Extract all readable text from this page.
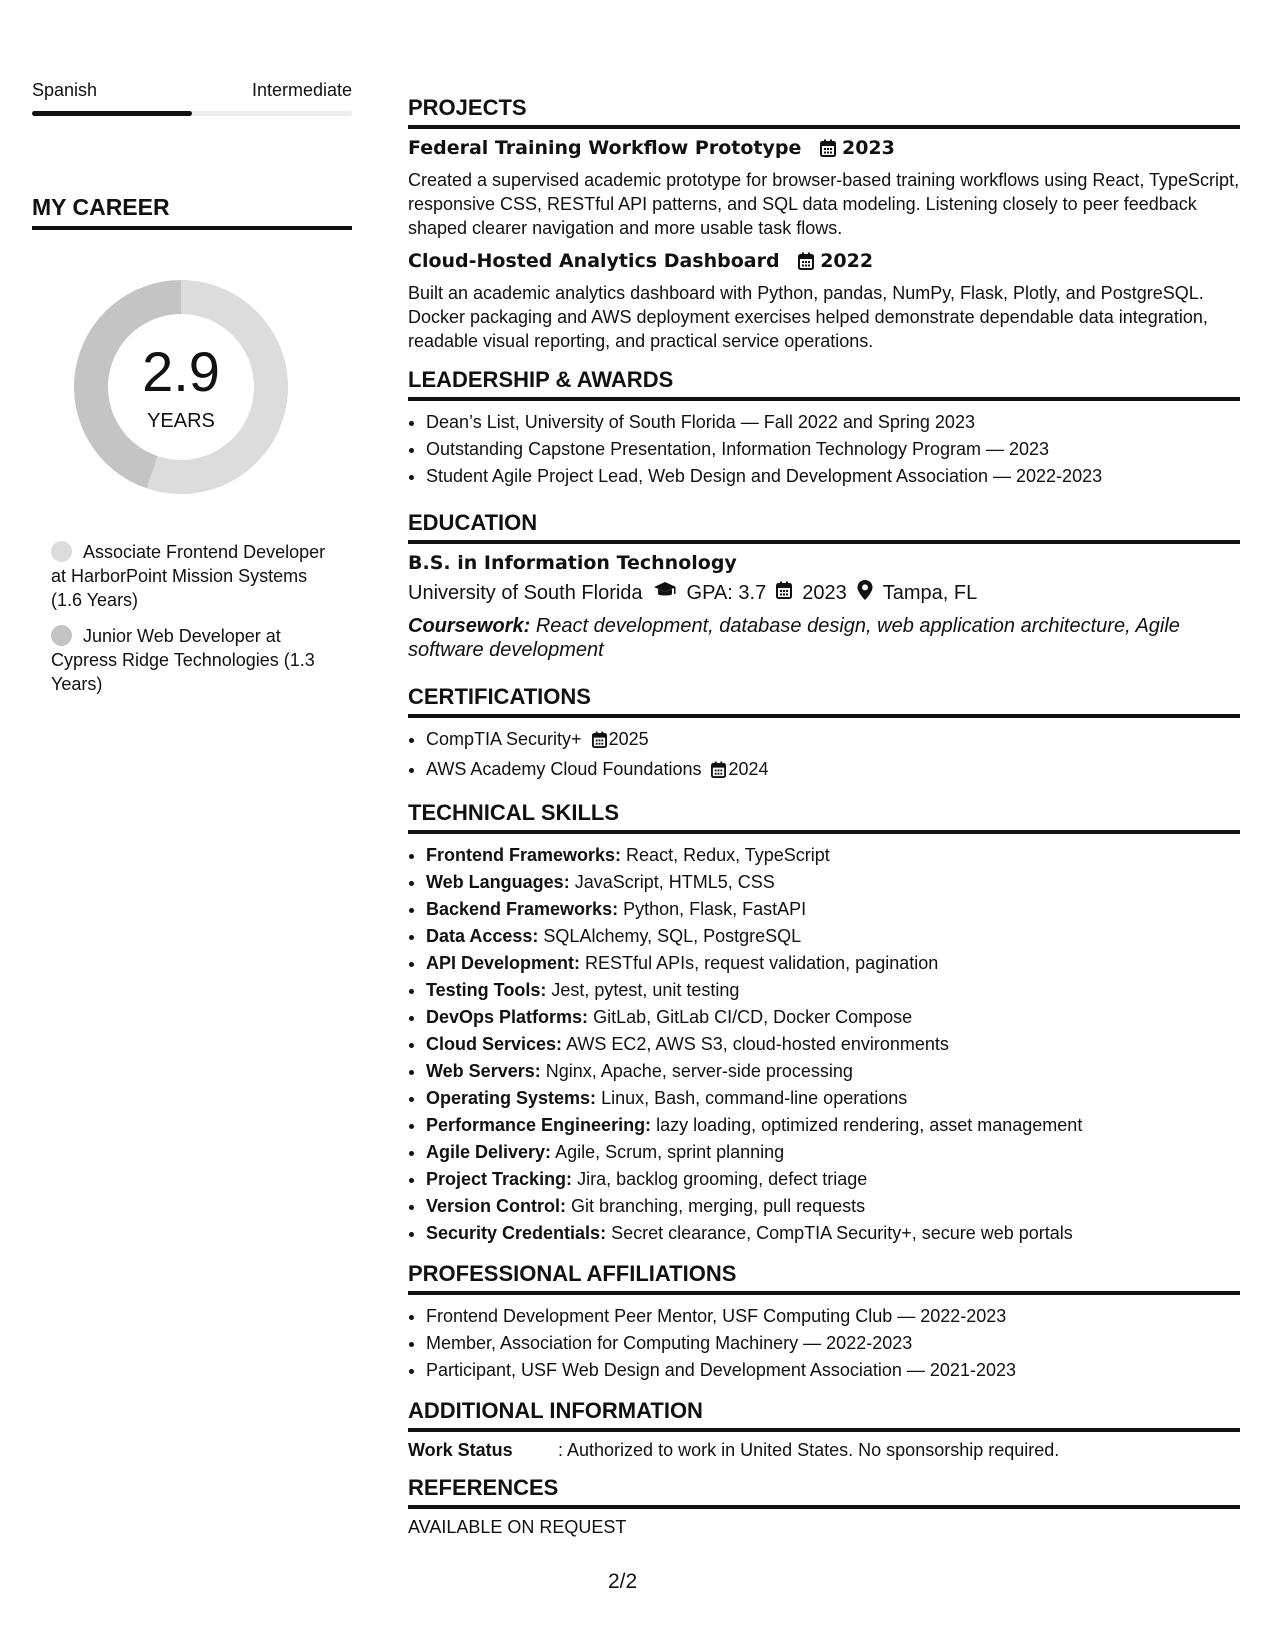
Spanish	Intermediate
MY CAREER
2.9
YEARS
Associate Frontend Developer at HarborPoint Mission Systems (1.6 Years)
Junior Web Developer at Cypress Ridge Technologies (1.3 Years)
PROJECTS
Federal Training Workflow Prototype 2023
Created a supervised academic prototype for browser-based training workflows using React, TypeScript, responsive CSS, RESTful API patterns, and SQL data modeling. Listening closely to peer feedback shaped clearer navigation and more usable task flows.
Cloud-Hosted Analytics Dashboard 2022
Built an academic analytics dashboard with Python, pandas, NumPy, Flask, Plotly, and PostgreSQL. Docker packaging and AWS deployment exercises helped demonstrate dependable data integration, readable visual reporting, and practical service operations.
LEADERSHIP & AWARDS
• Dean’s List, University of South Florida — Fall 2022 and Spring 2023
• Outstanding Capstone Presentation, Information Technology Program — 2023
• Student Agile Project Lead, Web Design and Development Association — 2022-2023
EDUCATION
B.S. in Information Technology
University of South Florida GPA: 3.7 2023 Tampa, FL
Coursework: React development, database design, web application architecture, Agile software development
CERTIFICATIONS
• CompTIA Security+ 2025
• AWS Academy Cloud Foundations 2024
TECHNICAL SKILLS
• Frontend Frameworks: React, Redux, TypeScript
• Web Languages: JavaScript, HTML5, CSS
• Backend Frameworks: Python, Flask, FastAPI
• Data Access: SQLAlchemy, SQL, PostgreSQL
• API Development: RESTful APIs, request validation, pagination
• Testing Tools: Jest, pytest, unit testing
• DevOps Platforms: GitLab, GitLab CI/CD, Docker Compose
• Cloud Services: AWS EC2, AWS S3, cloud-hosted environments
• Web Servers: Nginx, Apache, server-side processing
• Operating Systems: Linux, Bash, command-line operations
• Performance Engineering: lazy loading, optimized rendering, asset management
• Agile Delivery: Agile, Scrum, sprint planning
• Project Tracking: Jira, backlog grooming, defect triage
• Version Control: Git branching, merging, pull requests
• Security Credentials: Secret clearance, CompTIA Security+, secure web portals
PROFESSIONAL AFFILIATIONS
• Frontend Development Peer Mentor, USF Computing Club — 2022-2023
• Member, Association for Computing Machinery — 2022-2023
• Participant, USF Web Design and Development Association — 2021-2023
ADDITIONAL INFORMATION
Work Status	: Authorized to work in United States. No sponsorship required.
REFERENCES
AVAILABLE ON REQUEST
2/2
